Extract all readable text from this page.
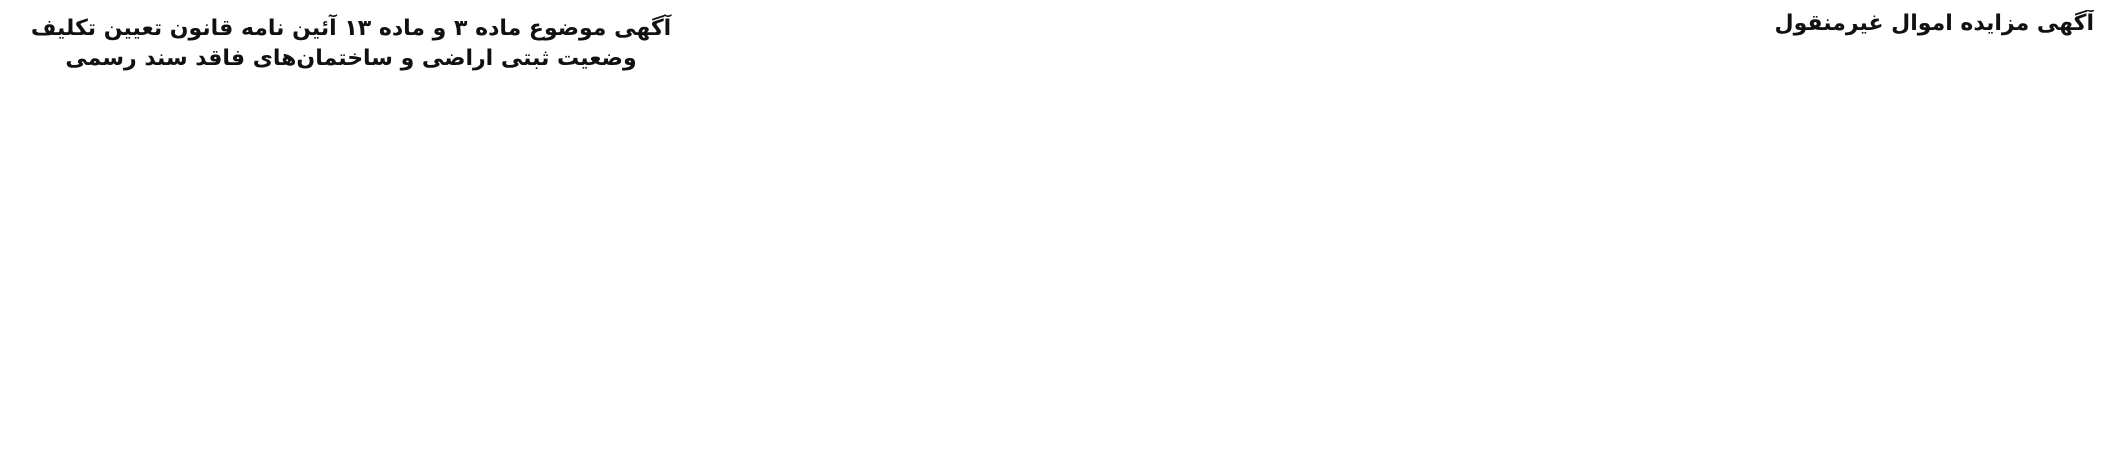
آگهی مزایده اموال غیرمنقول

آگهی موضوع ماده ۳ و ماده ۱۳ آئین نامه قانون تعیین تکلیف وضعیت ثبتی اراضی و ساختمان‌های فاقد سند رسمی
